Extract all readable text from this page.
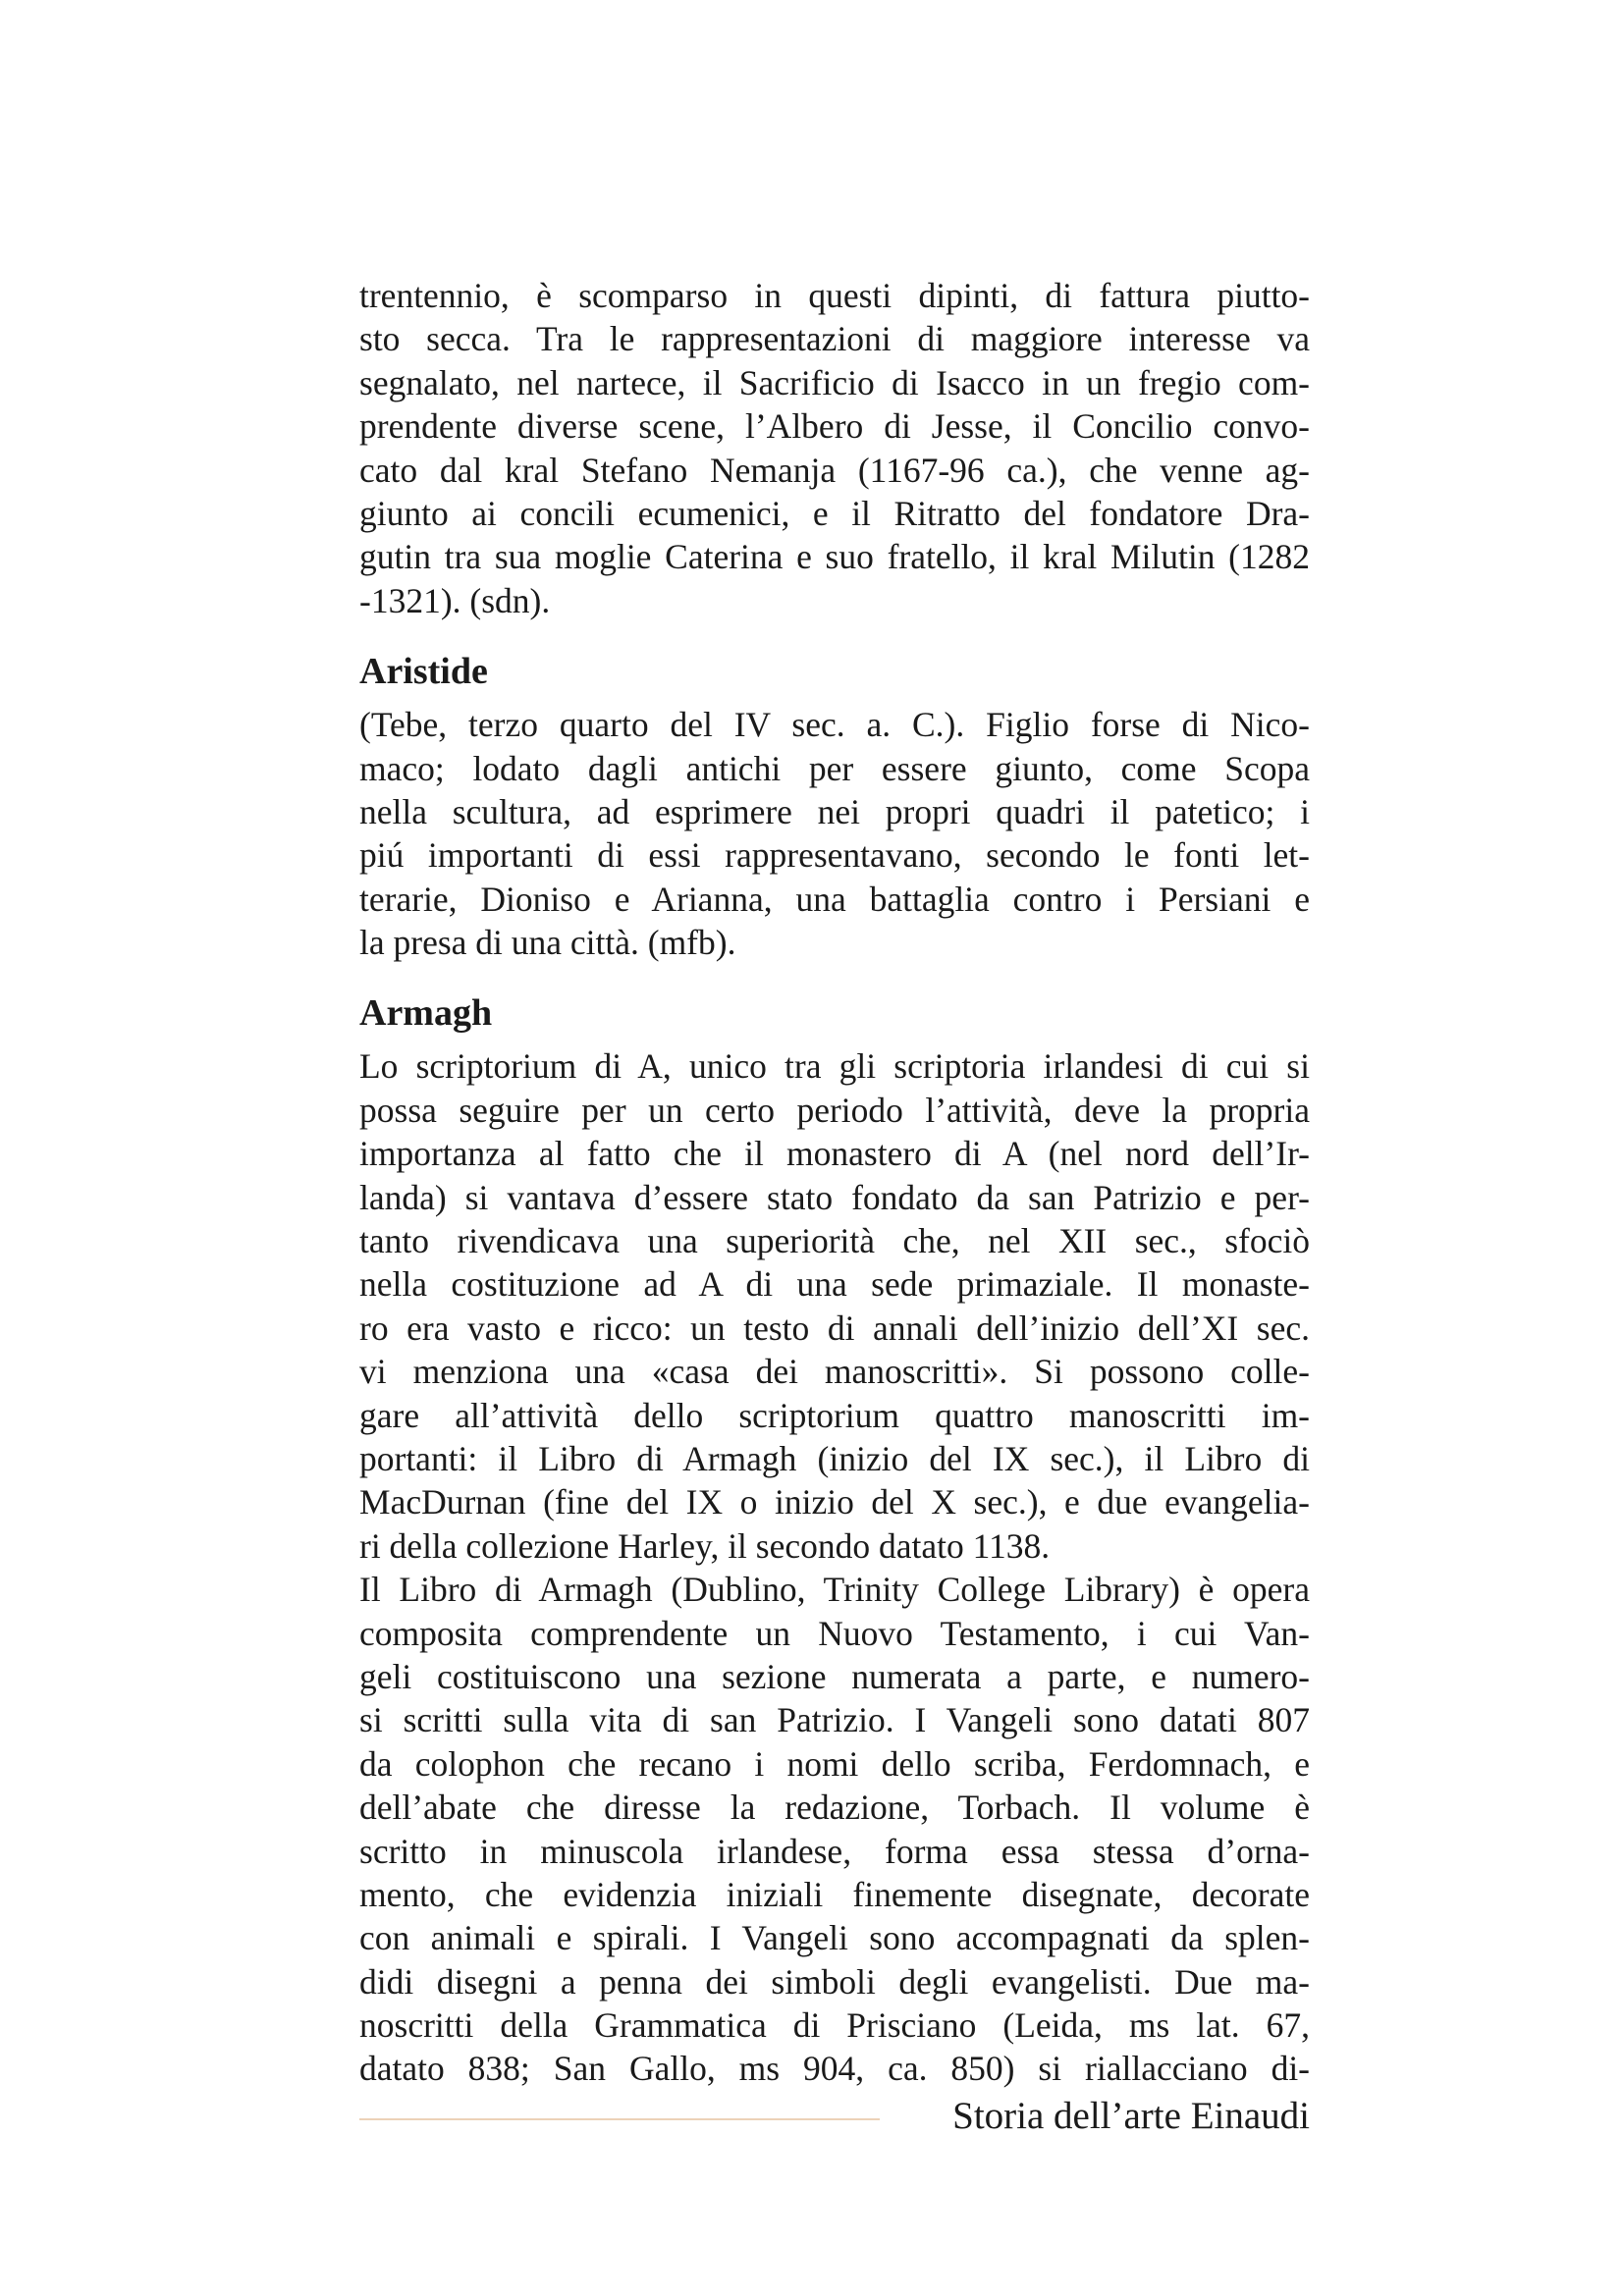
trentennio, è scomparso in questi dipinti, di fattura piutto-
sto secca. Tra le rappresentazioni di maggiore interesse va
segnalato, nel nartece, il Sacrificio di Isacco in un fregio com-
prendente diverse scene, l’Albero di Jesse, il Concilio convo-
cato dal kral Stefano Nemanja (1167-96 ca.), che venne ag-
giunto ai concili ecumenici, e il Ritratto del fondatore Dra-
gutin tra sua moglie Caterina e suo fratello, il kral Milutin (1282
-1321). (sdn).
Aristide
(Tebe, terzo quarto del IV sec. a. C.). Figlio forse di Nico-
maco; lodato dagli antichi per essere giunto, come Scopa
nella scultura, ad esprimere nei propri quadri il patetico; i
piú importanti di essi rappresentavano, secondo le fonti let-
terarie, Dioniso e Arianna, una battaglia contro i Persiani e
la presa di una città. (mfb).
Armagh
Lo scriptorium di A, unico tra gli scriptoria irlandesi di cui si
possa seguire per un certo periodo l’attività, deve la propria
importanza al fatto che il monastero di A (nel nord dell’Ir-
landa) si vantava d’essere stato fondato da san Patrizio e per-
tanto rivendicava una superiorità che, nel XII sec., sfociò
nella costituzione ad A di una sede primaziale. Il monaste-
ro era vasto e ricco: un testo di annali dell’inizio dell’XI sec.
vi menziona una «casa dei manoscritti». Si possono colle-
gare all’attività dello scriptorium quattro manoscritti im-
portanti: il Libro di Armagh (inizio del IX sec.), il Libro di
MacDurnan (fine del IX o inizio del X sec.), e due evangelia-
ri della collezione Harley, il secondo datato 1138.
Il Libro di Armagh (Dublino, Trinity College Library) è opera
composita comprendente un Nuovo Testamento, i cui Van-
geli costituiscono una sezione numerata a parte, e numero-
si scritti sulla vita di san Patrizio. I Vangeli sono datati 807
da colophon che recano i nomi dello scriba, Ferdomnach, e
dell’abate che diresse la redazione, Torbach. Il volume è
scritto in minuscola irlandese, forma essa stessa d’orna-
mento, che evidenzia iniziali finemente disegnate, decorate
con animali e spirali. I Vangeli sono accompagnati da splen-
didi disegni a penna dei simboli degli evangelisti. Due ma-
noscritti della Grammatica di Prisciano (Leida, ms lat. 67,
datato 838; San Gallo, ms 904, ca. 850) si riallacciano di-
Storia dell’arte Einaudi
